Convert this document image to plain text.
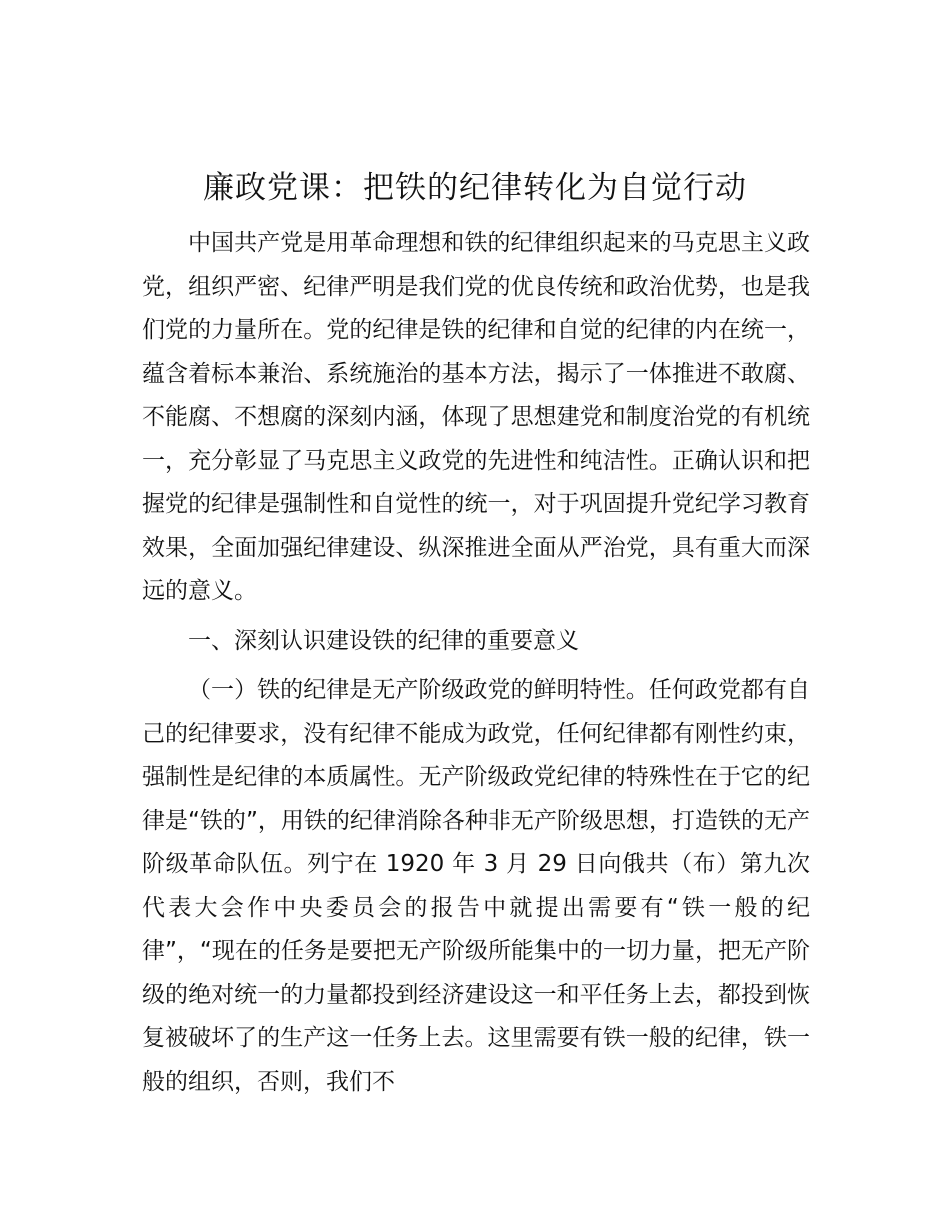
廉政党课：把铁的纪律转化为自觉行动

中国共产党是用革命理想和铁的纪律组织起来的马克思主义政党，组织严密、纪律严明是我们党的优良传统和政治优势，也是我们党的力量所在。党的纪律是铁的纪律和自觉的纪律的内在统一，蕴含着标本兼治、系统施治的基本方法，揭示了一体推进不敢腐、不能腐、不想腐的深刻内涵，体现了思想建党和制度治党的有机统一，充分彰显了马克思主义政党的先进性和纯洁性。正确认识和把握党的纪律是强制性和自觉性的统一，对于巩固提升党纪学习教育效果，全面加强纪律建设、纵深推进全面从严治党，具有重大而深远的意义。

一、深刻认识建设铁的纪律的重要意义

（一）铁的纪律是无产阶级政党的鲜明特性。任何政党都有自己的纪律要求，没有纪律不能成为政党，任何纪律都有刚性约束，强制性是纪律的本质属性。无产阶级政党纪律的特殊性在于它的纪律是“铁的”，用铁的纪律消除各种非无产阶级思想，打造铁的无产阶级革命队伍。列宁在 1920 年 3 月 29 日向俄共（布）第九次代表大会作中央委员会的报告中就提出需要有“铁一般的纪律”，“现在的任务是要把无产阶级所能集中的一切力量，把无产阶级的绝对统一的力量都投到经济建设这一和平任务上去，都投到恢复被破坏了的生产这一任务上去。这里需要有铁一般的纪律，铁一般的组织，否则，我们不
